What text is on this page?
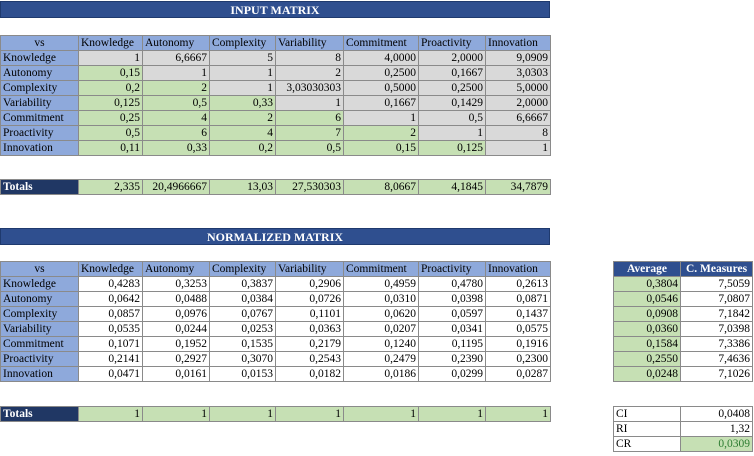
INPUT MATRIX
vs	Knowledge	Autonomy	Complexity	Variability	Commitment	Proactivity	Innovation
Knowledge	1	6,6667	5	8	4,0000	2,0000	9,0909
Autonomy	0,15	1	1	2	0,2500	0,1667	3,0303
Complexity	0,2	2	1	3,03030303	0,5000	0,2500	5,0000
Variability	0,125	0,5	0,33	1	0,1667	0,1429	2,0000
Commitment	0,25	4	2	6	1	0,5	6,6667
Proactivity	0,5	6	4	7	2	1	8
Innovation	0,11	0,33	0,2	0,5	0,15	0,125	1
Totals	2,335	20,4966667	13,03	27,530303	8,0667	4,1845	34,7879
NORMALIZED MATRIX
vs	Knowledge	Autonomy	Complexity	Variability	Commitment	Proactivity	Innovation
Knowledge	0,4283	0,3253	0,3837	0,2906	0,4959	0,4780	0,2613
Autonomy	0,0642	0,0488	0,0384	0,0726	0,0310	0,0398	0,0871
Complexity	0,0857	0,0976	0,0767	0,1101	0,0620	0,0597	0,1437
Variability	0,0535	0,0244	0,0253	0,0363	0,0207	0,0341	0,0575
Commitment	0,1071	0,1952	0,1535	0,2179	0,1240	0,1195	0,1916
Proactivity	0,2141	0,2927	0,3070	0,2543	0,2479	0,2390	0,2300
Innovation	0,0471	0,0161	0,0153	0,0182	0,0186	0,0299	0,0287
Totals	1	1	1	1	1	1	1
Average	C. Measures
0,3804	7,5059
0,0546	7,0807
0,0908	7,1842
0,0360	7,0398
0,1584	7,3386
0,2550	7,4636
0,0248	7,1026
CI	0,0408
RI	1,32
CR	0,0309
